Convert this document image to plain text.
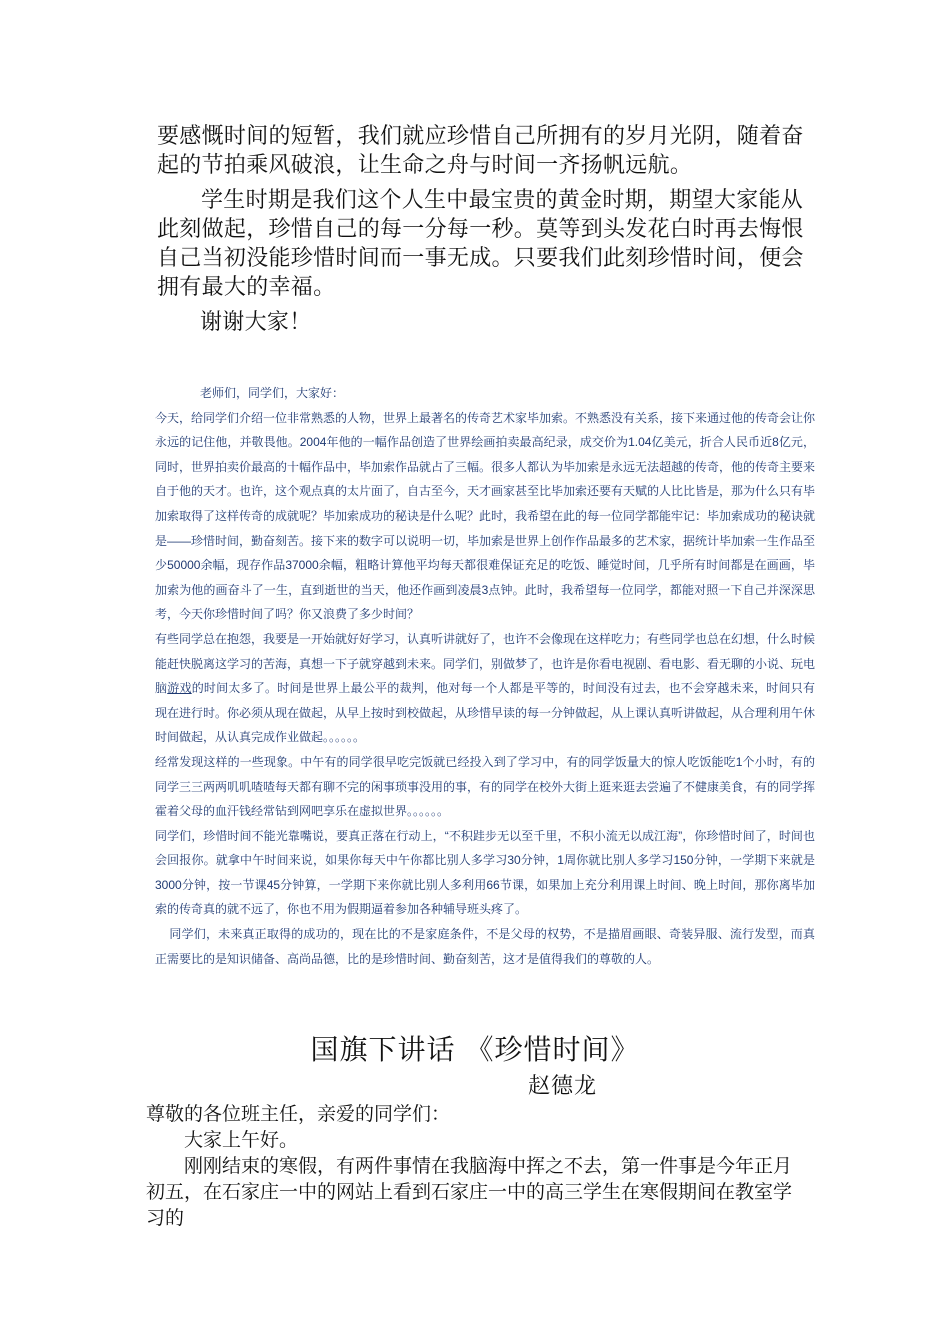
要感慨时间的短暂，我们就应珍惜自己所拥有的岁月光阴，随着奋起的节拍乘风破浪，让生命之舟与时间一齐扬帆远航。

学生时期是我们这个人生中最宝贵的黄金时期，期望大家能从此刻做起，珍惜自己的每一分每一秒。莫等到头发花白时再去悔恨自己当初没能珍惜时间而一事无成。只要我们此刻珍惜时间，便会拥有最大的幸福。

谢谢大家！

老师们，同学们，大家好：

今天，给同学们介绍一位非常熟悉的人物，世界上最著名的传奇艺术家毕加索。不熟悉没有关系，接下来通过他的传奇会让你永远的记住他，并敬畏他。2004年他的一幅作品创造了世界绘画拍卖最高纪录，成交价为1.04亿美元，折合人民币近8亿元，同时，世界拍卖价最高的十幅作品中，毕加索作品就占了三幅。很多人都认为毕加索是永远无法超越的传奇，他的传奇主要来自于他的天才。也许，这个观点真的太片面了，自古至今，天才画家甚至比毕加索还要有天赋的人比比皆是，那为什么只有毕加索取得了这样传奇的成就呢？毕加索成功的秘诀是什么呢？此时，我希望在此的每一位同学都能牢记：毕加索成功的秘诀就是——珍惜时间，勤奋刻苦。接下来的数字可以说明一切，毕加索是世界上创作作品最多的艺术家，据统计毕加索一生作品至少50000余幅，现存作品37000余幅，粗略计算他平均每天都很难保证充足的吃饭、睡觉时间，几乎所有时间都是在画画，毕加索为他的画奋斗了一生，直到逝世的当天，他还作画到凌晨3点钟。此时，我希望每一位同学，都能对照一下自己并深深思考，今天你珍惜时间了吗？你又浪费了多少时间？

有些同学总在抱怨，我要是一开始就好好学习，认真听讲就好了，也许不会像现在这样吃力；有些同学也总在幻想，什么时候能赶快脱离这学习的苦海，真想一下子就穿越到未来。同学们，别做梦了，也许是你看电视剧、看电影、看无聊的小说、玩电脑游戏的时间太多了。时间是世界上最公平的裁判，他对每一个人都是平等的，时间没有过去，也不会穿越未来，时间只有现在进行时。你必须从现在做起，从早上按时到校做起，从珍惜早读的每一分钟做起，从上课认真听讲做起，从合理利用午休时间做起，从认真完成作业做起。。。。。。

经常发现这样的一些现象。中午有的同学很早吃完饭就已经投入到了学习中，有的同学饭量大的惊人吃饭能吃1个小时，有的同学三三两两叽叽喳喳每天都有聊不完的闲事琐事没用的事，有的同学在校外大街上逛来逛去尝遍了不健康美食，有的同学挥霍着父母的血汗钱经常钻到网吧享乐在虚拟世界。。。。。。

同学们，珍惜时间不能光靠嘴说，要真正落在行动上，“不积跬步无以至千里，不积小流无以成江海”，你珍惜时间了，时间也会回报你。就拿中午时间来说，如果你每天中午你都比别人多学习30分钟，1周你就比别人多学习150分钟，一学期下来就是3000分钟，按一节课45分钟算，一学期下来你就比别人多利用66节课，如果加上充分利用课上时间、晚上时间，那你离毕加索的传奇真的就不远了，你也不用为假期逼着参加各种辅导班头疼了。

同学们，未来真正取得的成功的，现在比的不是家庭条件，不是父母的权势，不是描眉画眼、奇装异服、流行发型，而真正需要比的是知识储备、高尚品德，比的是珍惜时间、勤奋刻苦，这才是值得我们的尊敬的人。

国旗下讲话 《珍惜时间》
赵德龙

尊敬的各位班主任，亲爱的同学们：

大家上午好。

刚刚结束的寒假，有两件事情在我脑海中挥之不去，第一件事是今年正月初五，在石家庄一中的网站上看到石家庄一中的高三学生在寒假期间在教室学习的
